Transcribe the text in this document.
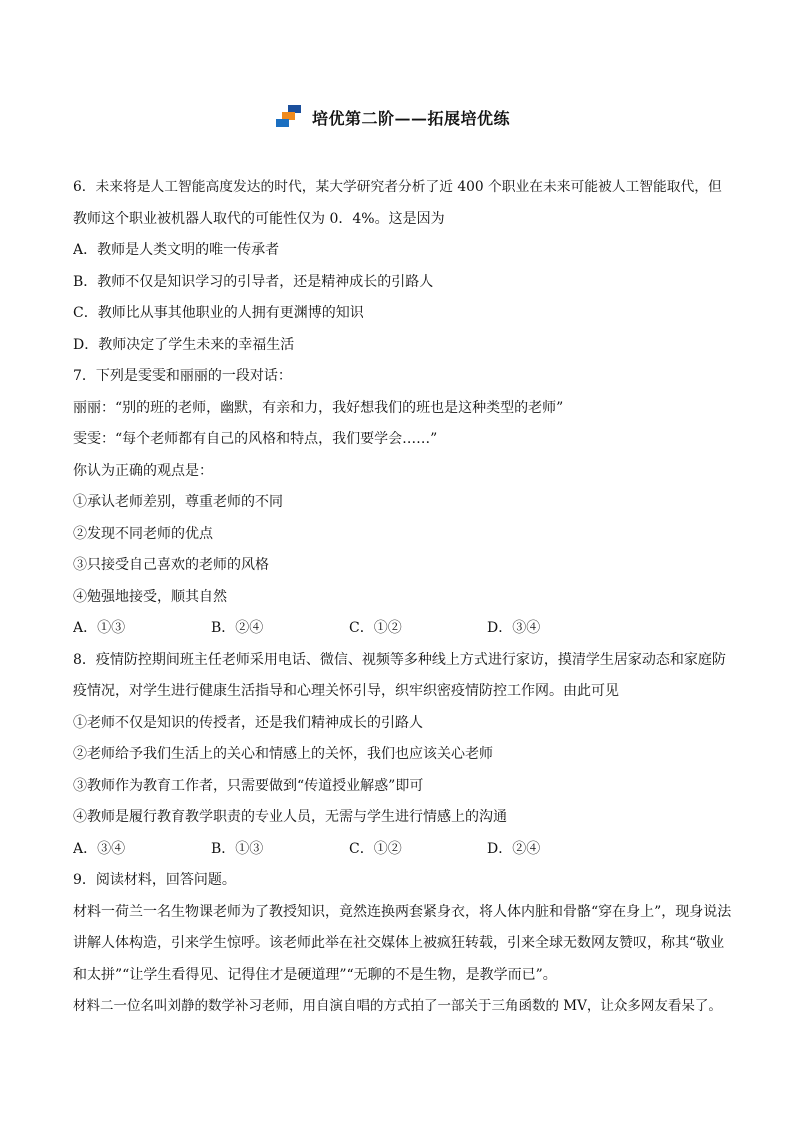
培优第二阶——拓展培优练
6．未来将是人工智能高度发达的时代，某大学研究者分析了近 400 个职业在未来可能被人工智能取代，但
教师这个职业被机器人取代的可能性仅为 0．4%。这是因为
A．教师是人类文明的唯一传承者
B．教师不仅是知识学习的引导者，还是精神成长的引路人
C．教师比从事其他职业的人拥有更渊博的知识
D．教师决定了学生未来的幸福生活
7．下列是雯雯和丽丽的一段对话：
丽丽：“别的班的老师，幽默，有亲和力，我好想我们的班也是这种类型的老师”
雯雯：“每个老师都有自己的风格和特点，我们要学会……”
你认为正确的观点是：
①承认老师差别，尊重老师的不同
②发现不同老师的优点
③只接受自己喜欢的老师的风格
④勉强地接受，顺其自然
A．①③	B．②④	C．①②	D．③④
8．疫情防控期间班主任老师采用电话、微信、视频等多种线上方式进行家访，摸清学生居家动态和家庭防
疫情况，对学生进行健康生活指导和心理关怀引导，织牢织密疫情防控工作网。由此可见
①老师不仅是知识的传授者，还是我们精神成长的引路人
②老师给予我们生活上的关心和情感上的关怀，我们也应该关心老师
③教师作为教育工作者，只需要做到“传道授业解惑”即可
④教师是履行教育教学职责的专业人员，无需与学生进行情感上的沟通
A．③④	B．①③	C．①②	D．②④
9．阅读材料，回答问题。
材料一荷兰一名生物课老师为了教授知识，竟然连换两套紧身衣，将人体内脏和骨骼“穿在身上”，现身说法
讲解人体构造，引来学生惊呼。该老师此举在社交媒体上被疯狂转载，引来全球无数网友赞叹，称其“敬业
和太拼”“让学生看得见、记得住才是硬道理”“无聊的不是生物，是教学而已”。
材料二一位名叫刘静的数学补习老师，用自演自唱的方式拍了一部关于三角函数的 MV，让众多网友看呆了。
